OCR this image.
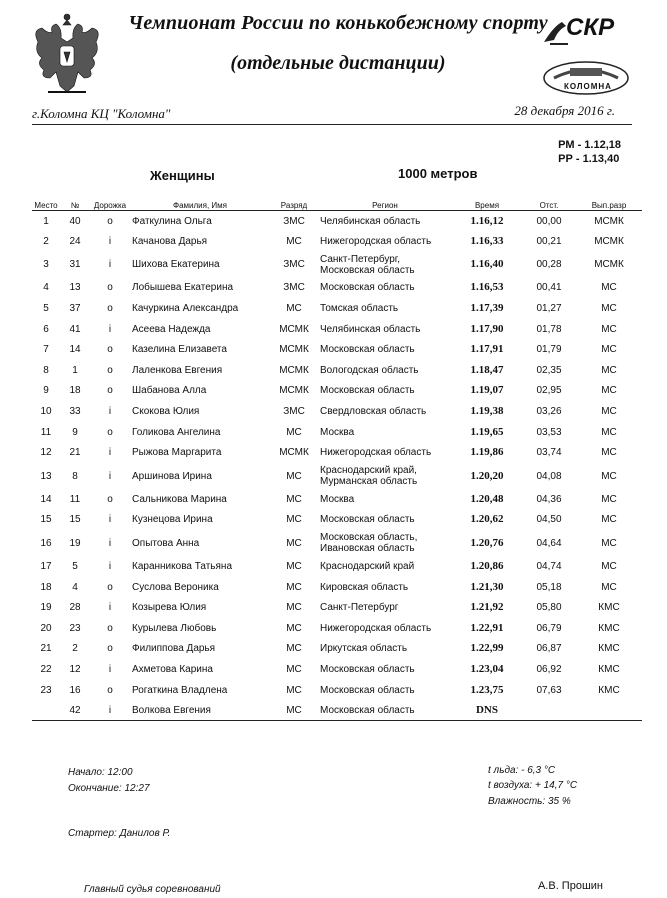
Чемпионат России по конькобежному спорту
(отдельные дистанции)
СКР
КОЛОМНА
г.Коломна КЦ "Коломна"	28 декабря 2016 г.
РМ - 1.12,18
РР - 1.13,40
Женщины	1000 метров
Место	№	Дорожка	Фамилия, Имя	Разряд	Регион	Время	Отст.	Вып.разр
1	40	o	Фаткулина Ольга	ЗМС	Челябинская область	1.16,12	00,00	МСМК
2	24	i	Качанова Дарья	МС	Нижегородская область	1.16,33	00,21	МСМК
3	31	i	Шихова Екатерина	ЗМС	Санкт-Петербург, Московская область	1.16,40	00,28	МСМК
4	13	o	Лобышева Екатерина	ЗМС	Московская область	1.16,53	00,41	МС
5	37	o	Качуркина Александра	МС	Томская область	1.17,39	01,27	МС
6	41	i	Асеева Надежда	МСМК	Челябинская область	1.17,90	01,78	МС
7	14	o	Казелина Елизавета	МСМК	Московская область	1.17,91	01,79	МС
8	1	o	Лаленкова Евгения	МСМК	Вологодская область	1.18,47	02,35	МС
9	18	o	Шабанова Алла	МСМК	Московская область	1.19,07	02,95	МС
10	33	i	Скокова Юлия	ЗМС	Свердловская область	1.19,38	03,26	МС
11	9	o	Голикова Ангелина	МС	Москва	1.19,65	03,53	МС
12	21	i	Рыжова Маргарита	МСМК	Нижегородская область	1.19,86	03,74	МС
13	8	i	Аршинова Ирина	МС	Краснодарский край, Мурманская область	1.20,20	04,08	МС
14	11	o	Сальникова Марина	МС	Москва	1.20,48	04,36	МС
15	15	i	Кузнецова Ирина	МС	Московская область	1.20,62	04,50	МС
16	19	i	Опытова Анна	МС	Московская область, Ивановская область	1.20,76	04,64	МС
17	5	i	Каранникова Татьяна	МС	Краснодарский край	1.20,86	04,74	МС
18	4	o	Суслова Вероника	МС	Кировская область	1.21,30	05,18	МС
19	28	i	Козырева Юлия	МС	Санкт-Петербург	1.21,92	05,80	КМС
20	23	o	Курылева Любовь	МС	Нижегородская область	1.22,91	06,79	КМС
21	2	o	Филиппова Дарья	МС	Иркутская область	1.22,99	06,87	КМС
22	12	i	Ахметова Карина	МС	Московская область	1.23,04	06,92	КМС
23	16	o	Рогаткина Владлена	МС	Московская область	1.23,75	07,63	КМС
	42	i	Волкова Евгения	МС	Московская область	DNS		
Начало: 12:00
Окончание: 12:27
t льда: - 6,3 °C
t воздуха: + 14,7 °C
Влажность: 35 %
Стартер: Данилов Р.
Главный судья соревнований	А.В. Прошин
